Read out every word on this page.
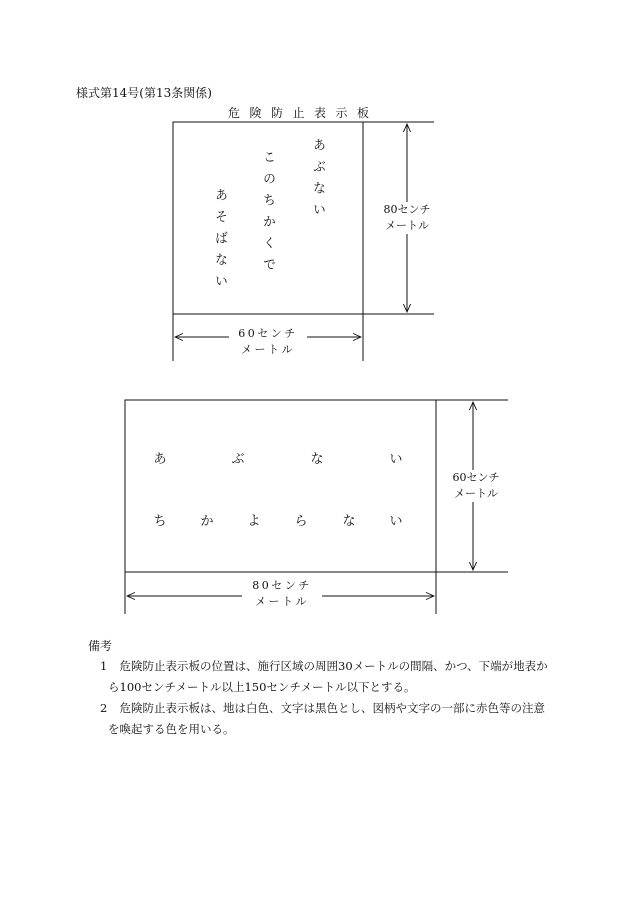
様式第14号(第13条関係)
危険防止表示板
あぶない
このちかくで
あそばない	80センチ
メートル
60センチ
メートル
あ	ぶ	な	い
ち	か	よ	ら	な	い
60センチ
メートル
80センチ
メートル
備考
1	危険防止表示板の位置は、施行区域の周囲30メートルの間隔、かつ、下端が地表から100センチメートル以上150センチメートル以下とする。
2	危険防止表示板は、地は白色、文字は黒色とし、図柄や文字の一部に赤色等の注意を喚起する色を用いる。
